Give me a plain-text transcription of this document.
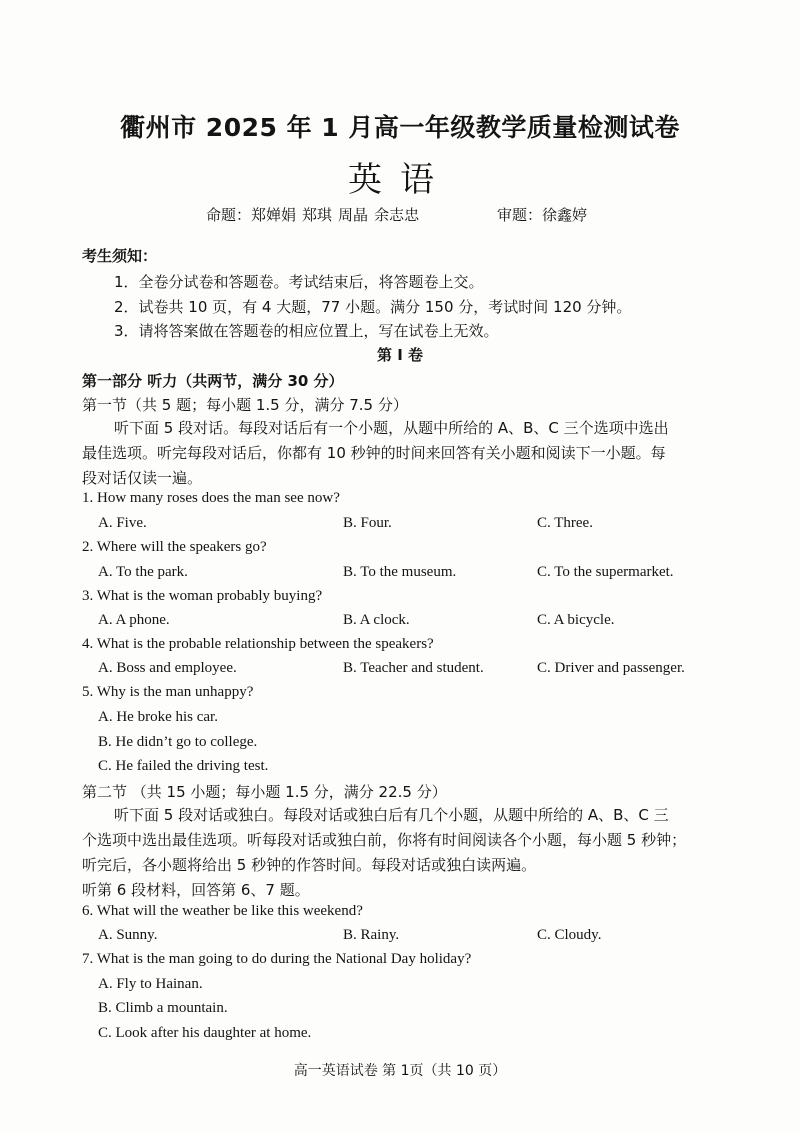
衢州市 2025 年 1 月高一年级教学质量检测试卷
英语
命题：郑婵娟 郑琪 周晶 余志忠	审题：徐鑫婷
考生须知：
1．全卷分试卷和答题卷。考试结束后，将答题卷上交。
2．试卷共 10 页，有 4 大题，77 小题。满分 150 分，考试时间 120 分钟。
3．请将答案做在答题卷的相应位置上，写在试卷上无效。
第 I 卷
第一部分 听力（共两节，满分 30 分）
第一节（共 5 题；每小题 1.5 分，满分 7.5 分）
听下面 5 段对话。每段对话后有一个小题，从题中所给的 A、B、C 三个选项中选出
最佳选项。听完每段对话后，你都有 10 秒钟的时间来回答有关小题和阅读下一小题。每
段对话仅读一遍。
1. How many roses does the man see now?
A. Five.	B. Four.	C. Three.
2. Where will the speakers go?
A. To the park.	B. To the museum.	C. To the supermarket.
3. What is the woman probably buying?
A. A phone.	B. A clock.	C. A bicycle.
4. What is the probable relationship between the speakers?
A. Boss and employee.	B. Teacher and student.	C. Driver and passenger.
5. Why is the man unhappy?
A. He broke his car.
B. He didn’t go to college.
C. He failed the driving test.
第二节 （共 15 小题；每小题 1.5 分，满分 22.5 分）
听下面 5 段对话或独白。每段对话或独白后有几个小题，从题中所给的 A、B、C 三
个选项中选出最佳选项。听每段对话或独白前，你将有时间阅读各个小题，每小题 5 秒钟；
听完后，各小题将给出 5 秒钟的作答时间。每段对话或独白读两遍。
听第 6 段材料，回答第 6、7 题。
6. What will the weather be like this weekend?
A. Sunny.	B. Rainy.	C. Cloudy.
7. What is the man going to do during the National Day holiday?
A. Fly to Hainan.
B. Climb a mountain.
C. Look after his daughter at home.
高一英语试卷 第 1页（共 10 页）
